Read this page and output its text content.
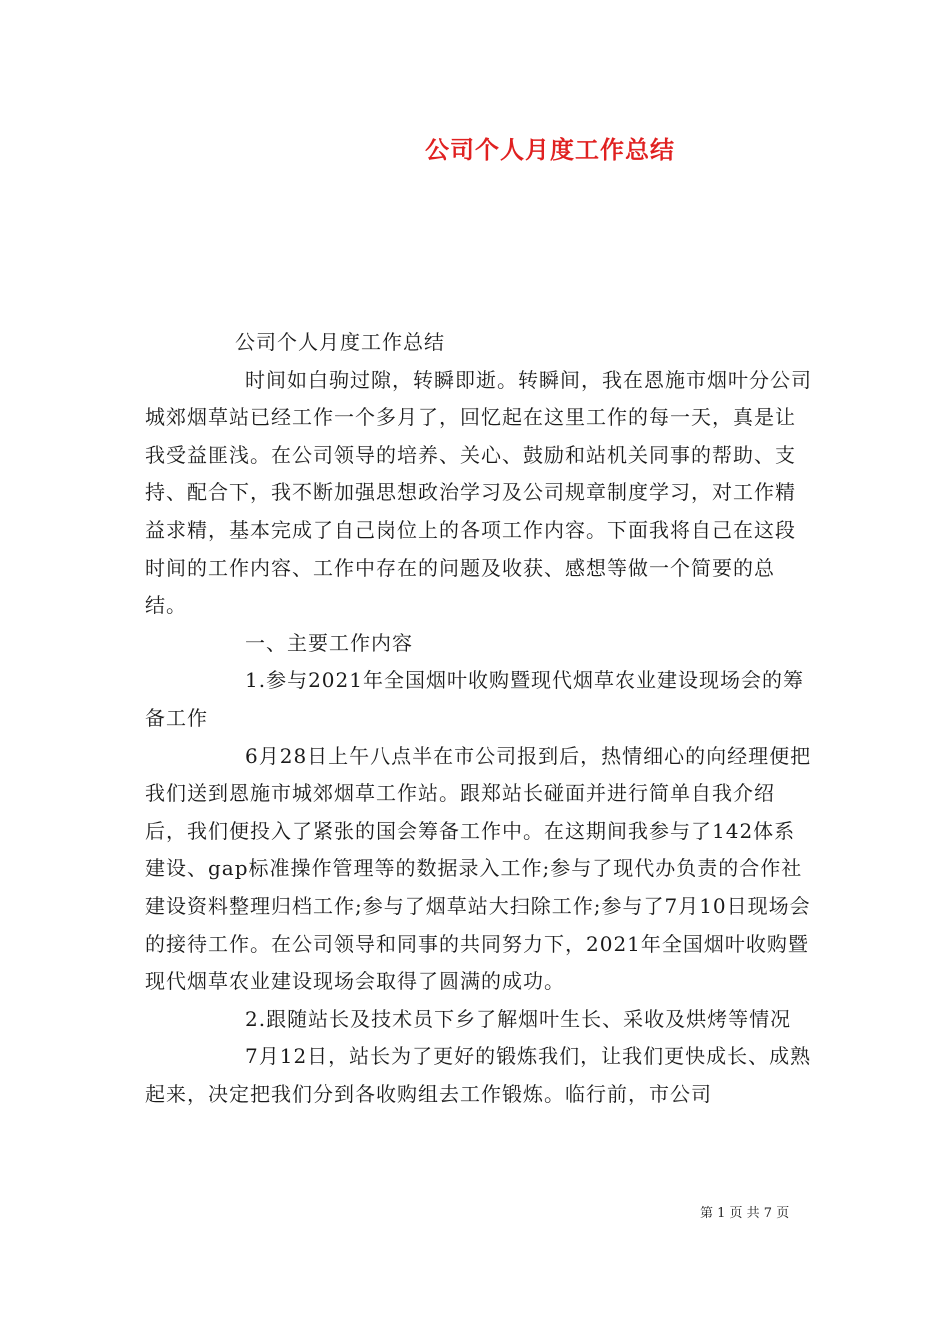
公司个人月度工作总结

公司个人月度工作总结

时间如白驹过隙，转瞬即逝。转瞬间，我在恩施市烟叶分公司城郊烟草站已经工作一个多月了，回忆起在这里工作的每一天，真是让我受益匪浅。在公司领导的培养、关心、鼓励和站机关同事的帮助、支持、配合下，我不断加强思想政治学习及公司规章制度学习，对工作精益求精，基本完成了自己岗位上的各项工作内容。下面我将自己在这段时间的工作内容、工作中存在的问题及收获、感想等做一个简要的总结。

一、主要工作内容

1.参与2021年全国烟叶收购暨现代烟草农业建设现场会的筹备工作

6月28日上午八点半在市公司报到后，热情细心的向经理便把我们送到恩施市城郊烟草工作站。跟郑站长碰面并进行简单自我介绍后，我们便投入了紧张的国会筹备工作中。在这期间我参与了142体系建设、gap标准操作管理等的数据录入工作;参与了现代办负责的合作社建设资料整理归档工作;参与了烟草站大扫除工作;参与了7月10日现场会的接待工作。在公司领导和同事的共同努力下，2021年全国烟叶收购暨现代烟草农业建设现场会取得了圆满的成功。

2.跟随站长及技术员下乡了解烟叶生长、采收及烘烤等情况

7月12日，站长为了更好的锻炼我们，让我们更快成长、成熟起来，决定把我们分到各收购组去工作锻炼。临行前，市公司

第 1 页 共 7 页
